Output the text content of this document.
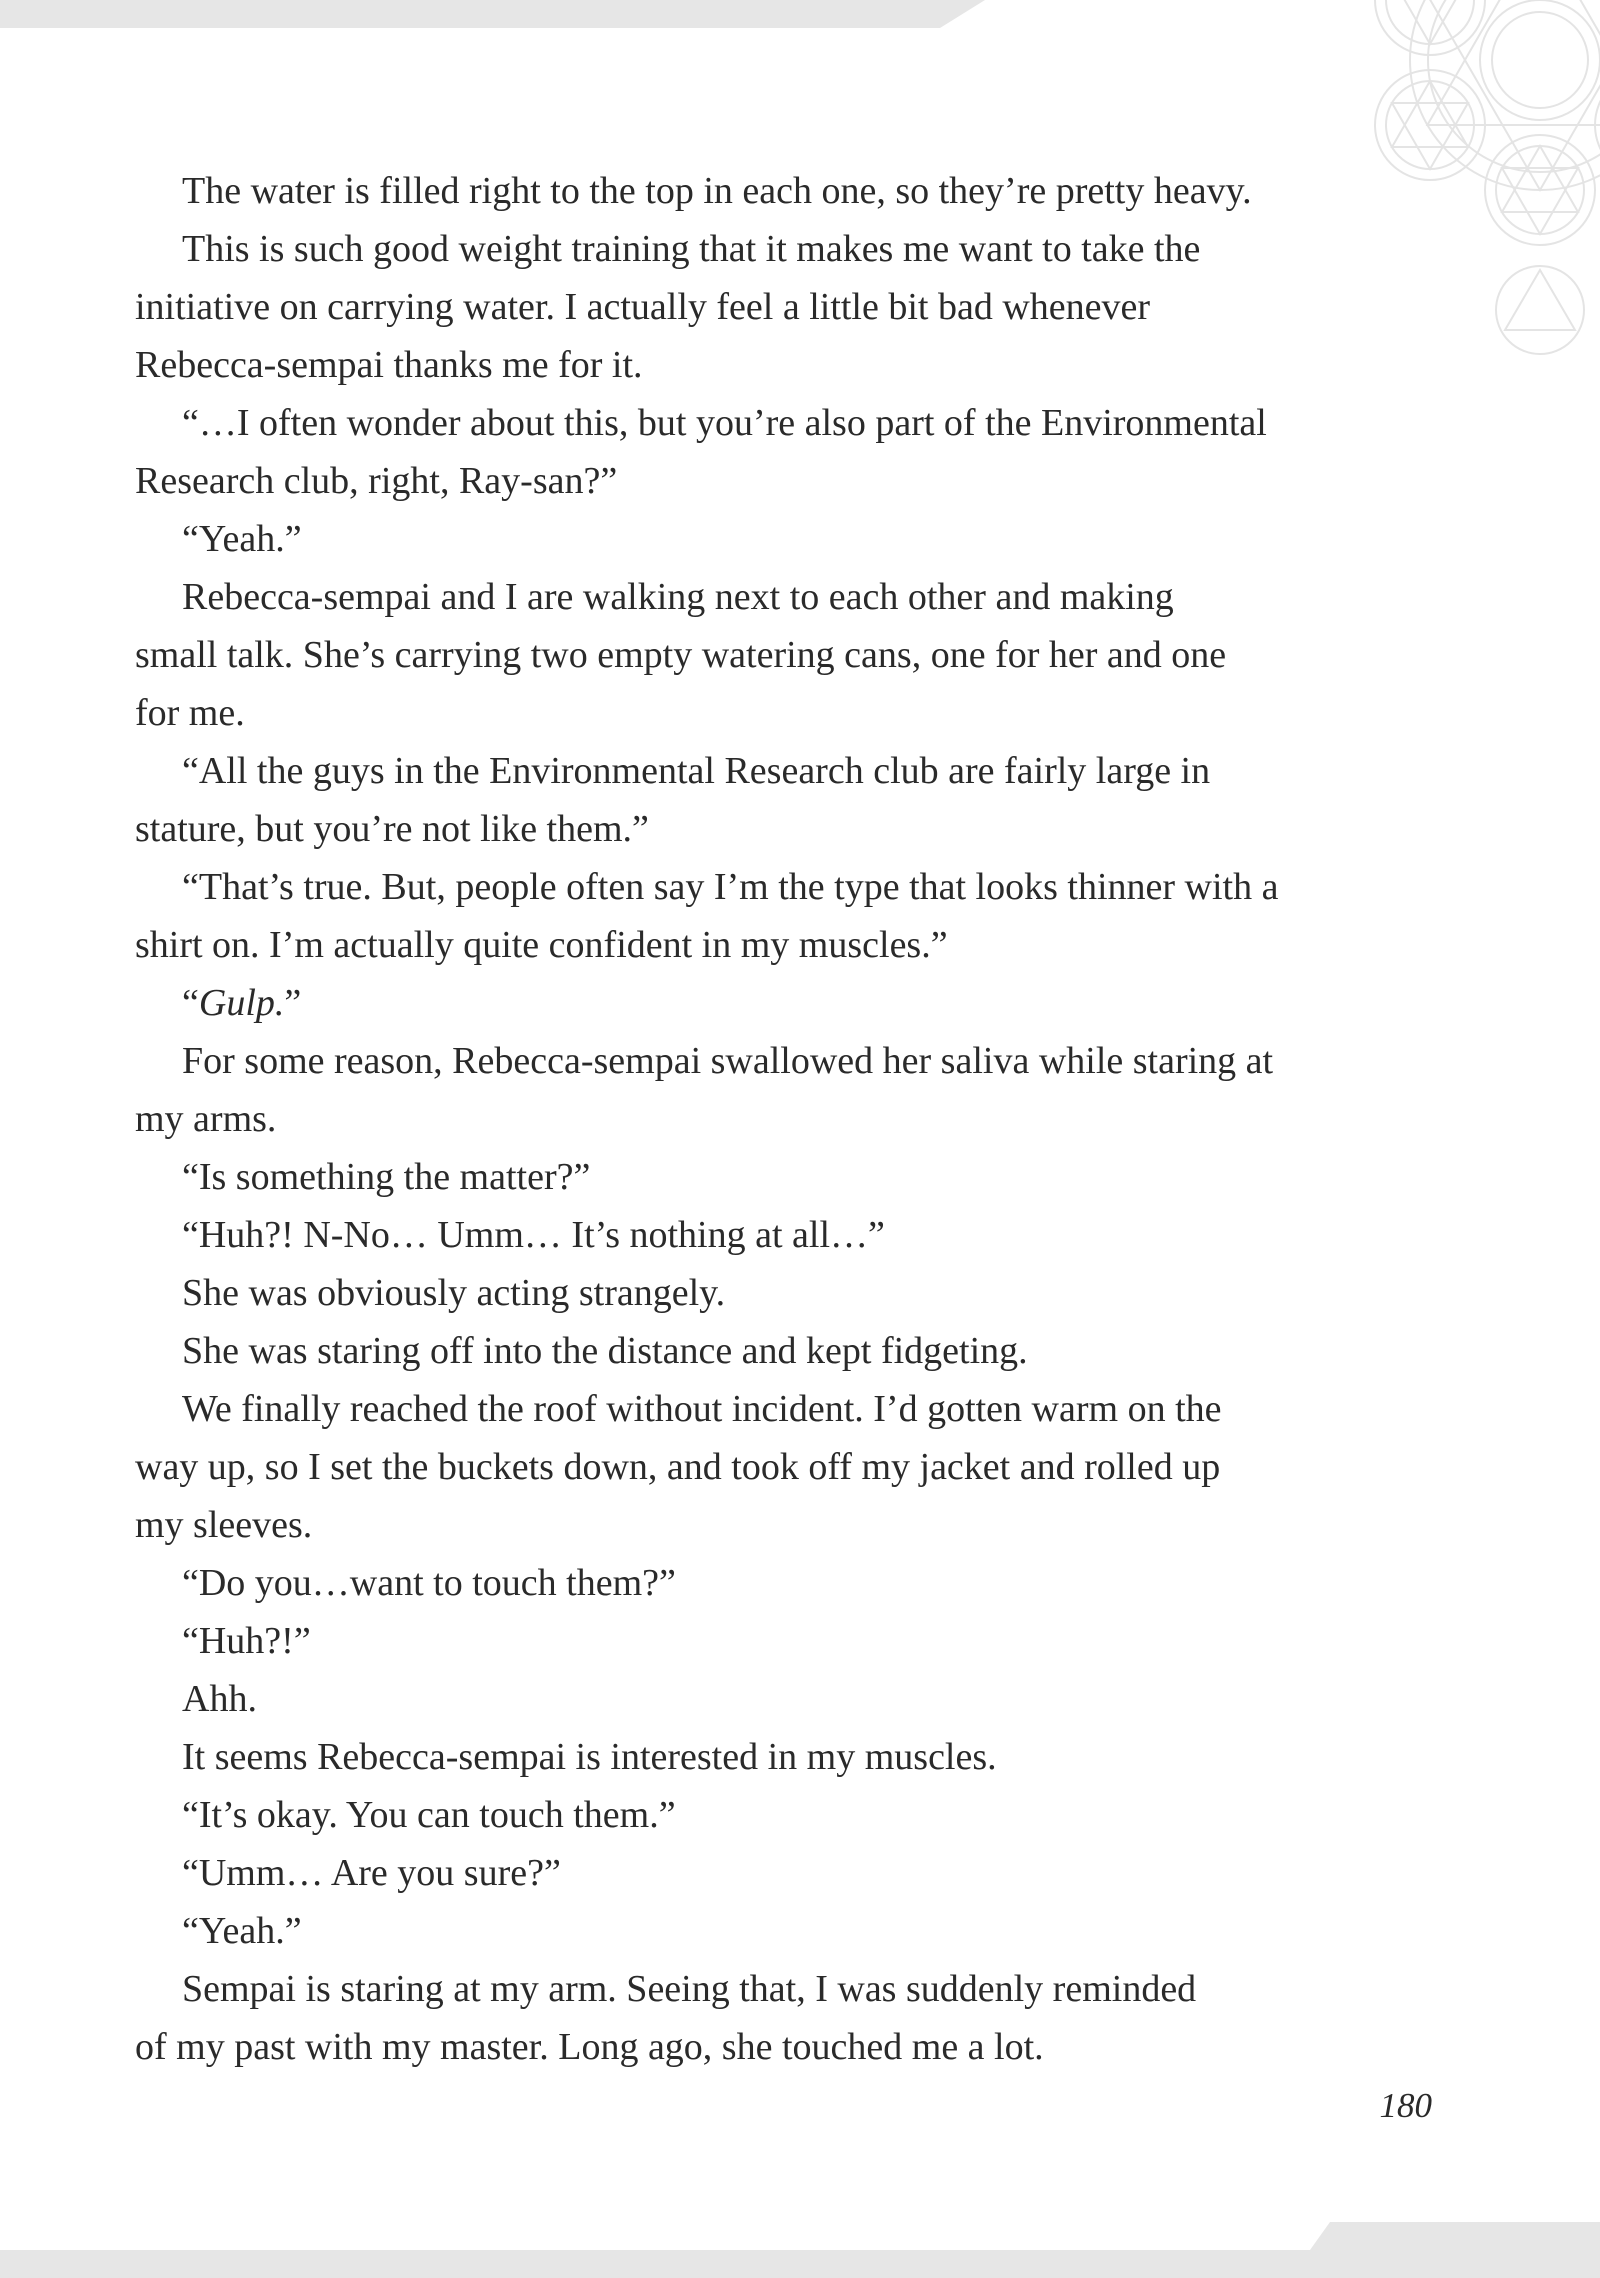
The water is filled right to the top in each one, so they’re pretty heavy.

This is such good weight training that it makes me want to take the
initiative on carrying water. I actually feel a little bit bad whenever
Rebecca-sempai thanks me for it.

“…I often wonder about this, but you’re also part of the Environmental
Research club, right, Ray-san?”

“Yeah.”

Rebecca-sempai and I are walking next to each other and making
small talk. She’s carrying two empty watering cans, one for her and one
for me.

“All the guys in the Environmental Research club are fairly large in
stature, but you’re not like them.”

“That’s true. But, people often say I’m the type that looks thinner with a
shirt on. I’m actually quite confident in my muscles.”

“Gulp.”

For some reason, Rebecca-sempai swallowed her saliva while staring at
my arms.

“Is something the matter?”

“Huh?! N-No… Umm… It’s nothing at all…”

She was obviously acting strangely.

She was staring off into the distance and kept fidgeting.

We finally reached the roof without incident. I’d gotten warm on the
way up, so I set the buckets down, and took off my jacket and rolled up
my sleeves.

“Do you…want to touch them?”

“Huh?!”

Ahh.

It seems Rebecca-sempai is interested in my muscles.

“It’s okay. You can touch them.”

“Umm… Are you sure?”

“Yeah.”

Sempai is staring at my arm. Seeing that, I was suddenly reminded
of my past with my master. Long ago, she touched me a lot.

180
